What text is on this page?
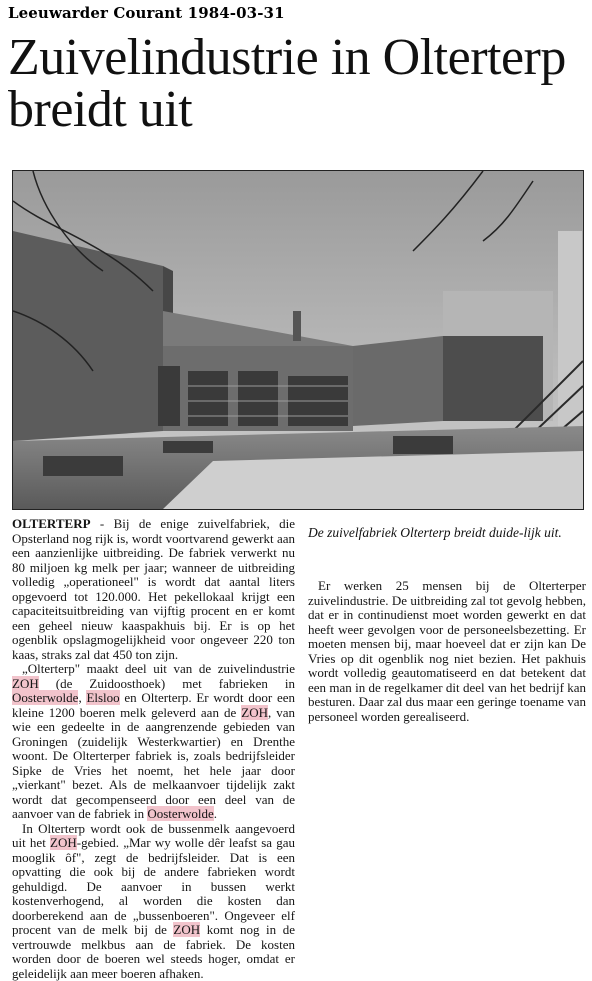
Leeuwarder Courant 1984-03-31
Zuivelindustrie in Olterterp breidt uit
De zuivelfabriek Olterterp breidt duide-lijk uit.

OLTERTERP - Bij de enige zuivelfabriek, die Opsterland nog rijk is, wordt voortvarend gewerkt aan een aanzienlijke uitbreiding. De fabriek verwerkt nu 80 miljoen kg melk per jaar; wanneer de uitbreiding volledig „operationeel" is wordt dat aantal liters opgevoerd tot 120.000. Het pekellokaal krijgt een capaciteitsuitbreiding van vijftig procent en er komt een geheel nieuw kaaspakhuis bij. Er is op het ogenblik opslagmogelijkheid voor ongeveer 220 ton kaas, straks zal dat 450 ton zijn.

„Olterterp" maakt deel uit van de zuivelindustrie ZOH (de Zuidoosthoek) met fabrieken in Oosterwolde, Elsloo en Olterterp. Er wordt door een kleine 1200 boeren melk geleverd aan de ZOH, van wie een gedeelte in de aangrenzende gebieden van Groningen (zuidelijk Westerkwartier) en Drenthe woont. De Olterterper fabriek is, zoals bedrijfsleider Sipke de Vries het noemt, het hele jaar door „vierkant" bezet. Als de melkaanvoer tijdelijk zakt wordt dat gecompenseerd door een deel van de aanvoer van de fabriek in Oosterwolde.

In Olterterp wordt ook de bussenmelk aangevoerd uit het ZOH-gebied. „Mar wy wolle dêr leafst sa gau mooglik ôf", zegt de bedrijfsleider. Dat is een opvatting die ook bij de andere fabrieken wordt gehuldigd. De aanvoer in bussen werkt kostenverhogend, al worden die kosten dan doorberekend aan de „bussenboeren". Ongeveer elf procent van de melk bij de ZOH komt nog in de vertrouwde melkbus aan de fabriek. De kosten worden door de boeren wel steeds hoger, omdat er geleidelijk aan meer boeren afhaken.

Er werken 25 mensen bij de Olterterper zuivelindustrie. De uitbreiding zal tot gevolg hebben, dat er in continudienst moet worden gewerkt en dat heeft weer gevolgen voor de personeelsbezetting. Er moeten mensen bij, maar hoeveel dat er zijn kan De Vries op dit ogenblik nog niet bezien. Het pakhuis wordt volledig geautomatiseerd en dat betekent dat een man in de regelkamer dit deel van het bedrijf kan besturen. Daar zal dus maar een geringe toename van personeel worden gerealiseerd.
